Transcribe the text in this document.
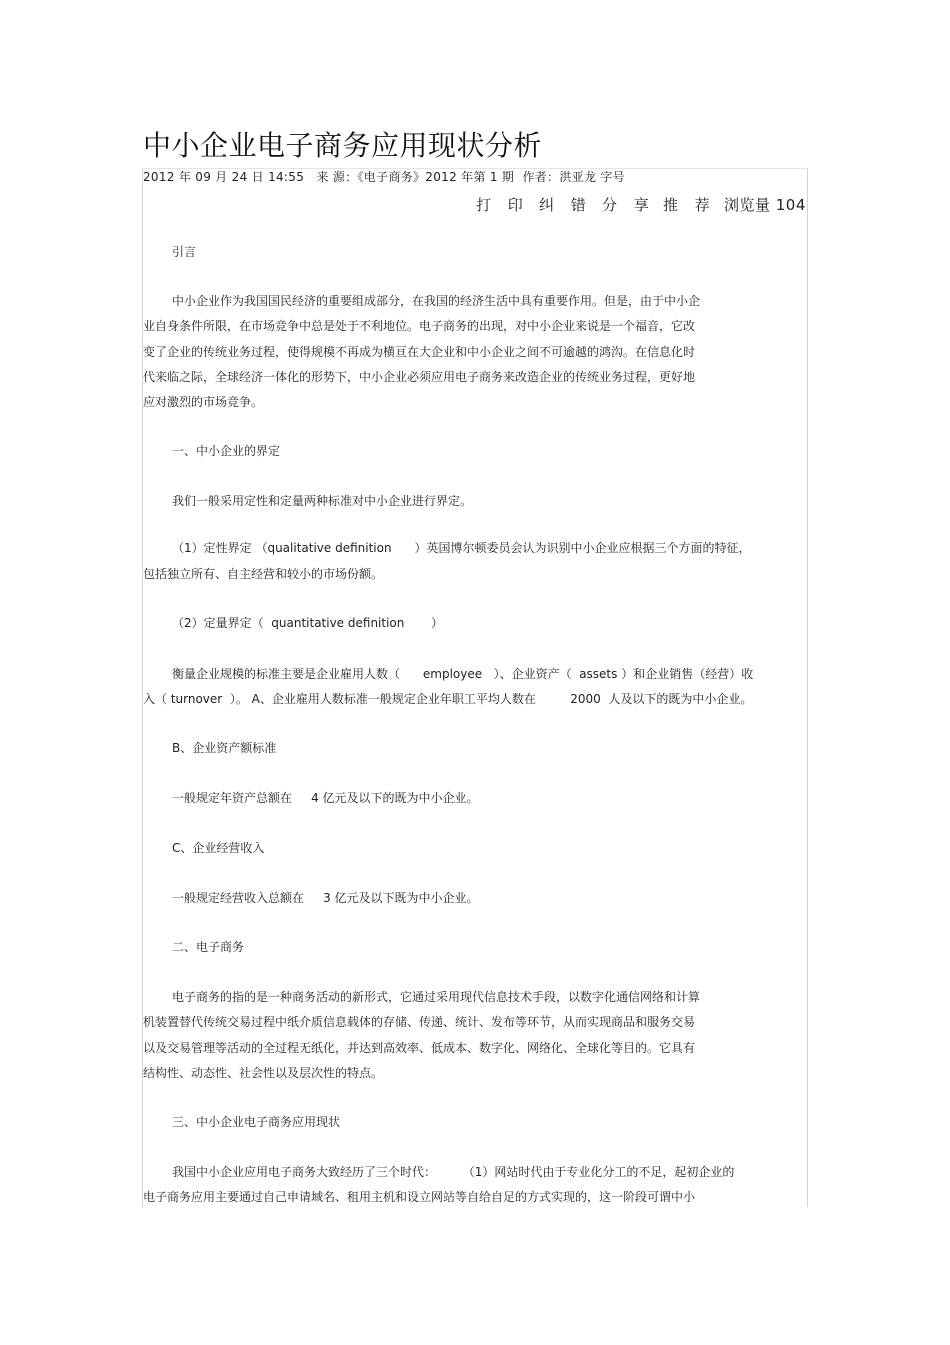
中小企业电子商务应用现状分析
2012 年 09 月 24 日 14:55   来 源：《电子商务》2012 年第 1 期  作者：洪亚龙 字号
打 印 纠 错 分 享 推 荐 浏览量 104
引言
中小企业作为我国国民经济的重要组成部分，在我国的经济生活中具有重要作用。但是，由于中小企
业自身条件所限，在市场竞争中总是处于不利地位。电子商务的出现，对中小企业来说是一个福音，它改
变了企业的传统业务过程，使得规模不再成为横亘在大企业和中小企业之间不可逾越的鸿沟。在信息化时
代来临之际，全球经济一体化的形势下，中小企业必须应用电子商务来改造企业的传统业务过程，更好地
应对激烈的市场竞争。
一、中小企业的界定
我们一般采用定性和定量两种标准对中小企业进行界定。
（1）定性界定 （qualitative definition      ）英国博尔顿委员会认为识别中小企业应根据三个方面的特征，
包括独立所有、自主经营和较小的市场份额。
（2）定量界定（  quantitative definition       ）
衡量企业规模的标准主要是企业雇用人数（      employee   ）、企业资产（  assets ）和企业销售（经营）收
入（ turnover  ）。 A、企业雇用人数标准一般规定企业年职工平均人数在         2000  人及以下的既为中小企业。
B、企业资产额标准
一般规定年资产总额在     4 亿元及以下的既为中小企业。
C、企业经营收入
一般规定经营收入总额在     3 亿元及以下既为中小企业。
二、电子商务
电子商务的指的是一种商务活动的新形式，它通过采用现代信息技术手段，以数字化通信网络和计算
机装置替代传统交易过程中纸介质信息载体的存储、传递、统计、发布等环节，从而实现商品和服务交易
以及交易管理等活动的全过程无纸化，并达到高效率、低成本、数字化、网络化、全球化等目的。它具有
结构性、动态性、社会性以及层次性的特点。
三、中小企业电子商务应用现状
我国中小企业应用电子商务大致经历了三个时代：       （1）网站时代由于专业化分工的不足，起初企业的
电子商务应用主要通过自己申请域名、租用主机和设立网站等自给自足的方式实现的，这一阶段可谓中小
